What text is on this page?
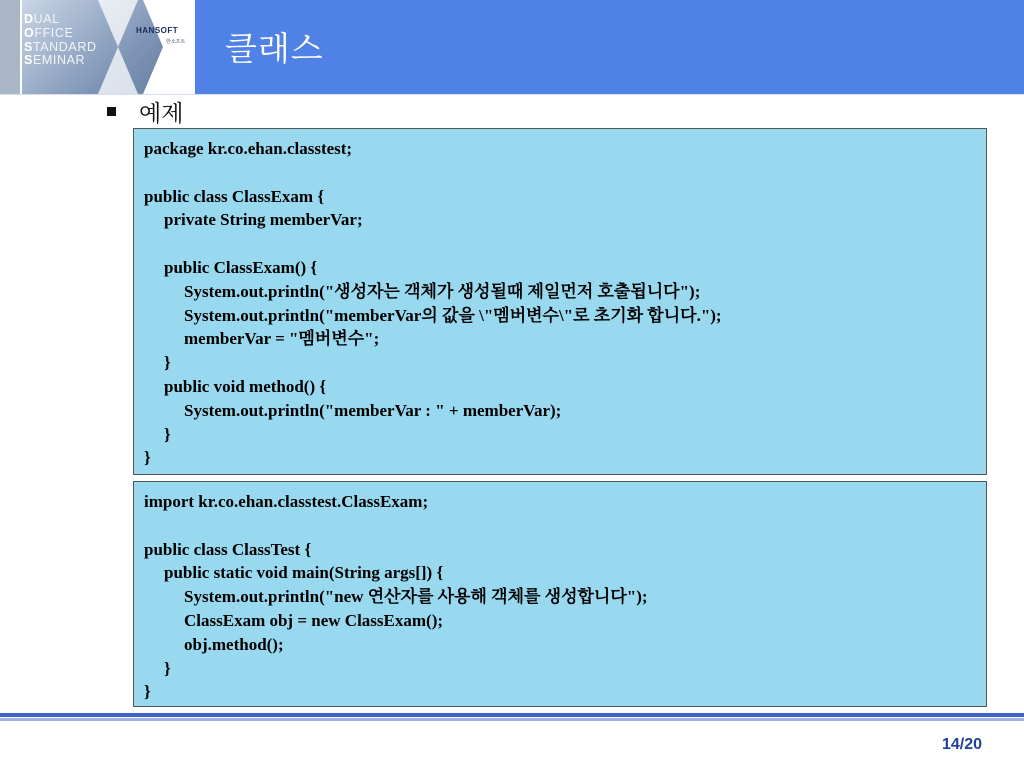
DUAL
OFFICE
STANDARD
SEMINAR
HANSOFT
한소프트 클래스
예제
package kr.co.ehan.classtest;
public class ClassExam {
private String memberVar;
public ClassExam() {
System.out.println("생성자는 객체가 생성될때 제일먼저 호출됩니다");
System.out.println("memberVar의 값을 \"멤버변수\"로 초기화 합니다.");
memberVar = "멤버변수";
}
public void method() {
System.out.println("memberVar : " + memberVar);
}
}
import kr.co.ehan.classtest.ClassExam;
public class ClassTest {
public static void main(String args[]) {
System.out.println("new 연산자를 사용해 객체를 생성합니다");
ClassExam obj = new ClassExam();
obj.method();
}
}
14/20
